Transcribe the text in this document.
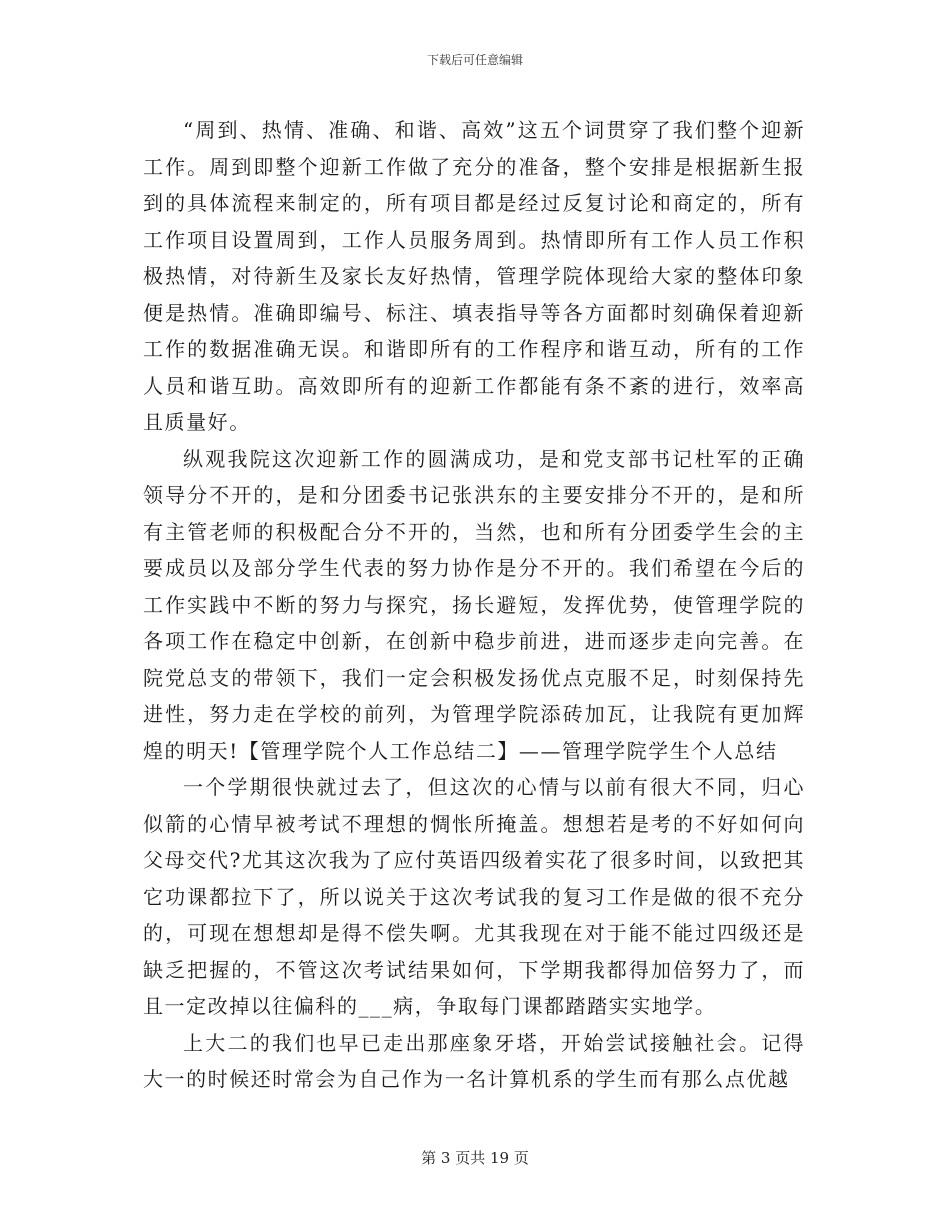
下载后可任意编辑

“周到、热情、准确、和谐、高效”这五个词贯穿了我们整个迎新工作。周到即整个迎新工作做了充分的准备，整个安排是根据新生报到的具体流程来制定的，所有项目都是经过反复讨论和商定的，所有工作项目设置周到，工作人员服务周到。热情即所有工作人员工作积极热情，对待新生及家长友好热情，管理学院体现给大家的整体印象便是热情。准确即编号、标注、填表指导等各方面都时刻确保着迎新工作的数据准确无误。和谐即所有的工作程序和谐互动，所有的工作人员和谐互助。高效即所有的迎新工作都能有条不紊的进行，效率高且质量好。

纵观我院这次迎新工作的圆满成功，是和党支部书记杜军的正确领导分不开的，是和分团委书记张洪东的主要安排分不开的，是和所有主管老师的积极配合分不开的，当然，也和所有分团委学生会的主要成员以及部分学生代表的努力协作是分不开的。我们希望在今后的工作实践中不断的努力与探究，扬长避短，发挥优势，使管理学院的各项工作在稳定中创新，在创新中稳步前进，进而逐步走向完善。在院党总支的带领下，我们一定会积极发扬优点克服不足，时刻保持先进性，努力走在学校的前列，为管理学院添砖加瓦，让我院有更加辉煌的明天!【管理学院个人工作总结二】——管理学院学生个人总结

一个学期很快就过去了，但这次的心情与以前有很大不同，归心似箭的心情早被考试不理想的惆怅所掩盖。想想若是考的不好如何向父母交代?尤其这次我为了应付英语四级着实花了很多时间，以致把其它功课都拉下了，所以说关于这次考试我的复习工作是做的很不充分的，可现在想想却是得不偿失啊。尤其我现在对于能不能过四级还是缺乏把握的，不管这次考试结果如何，下学期我都得加倍努力了，而且一定改掉以往偏科的___病，争取每门课都踏踏实实地学。

上大二的我们也早已走出那座象牙塔，开始尝试接触社会。记得大一的时候还时常会为自己作为一名计算机系的学生而有那么点优越

第 3 页共 19 页
